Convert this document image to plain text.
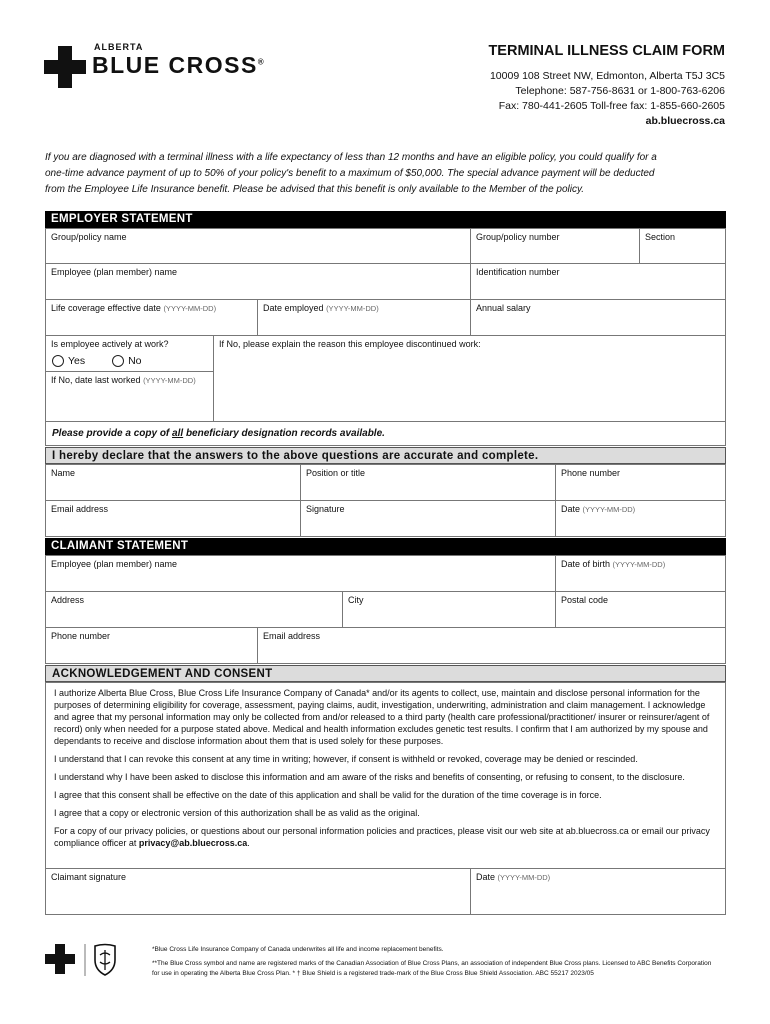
ALBERTA
BLUE CROSS®
TERMINAL ILLNESS CLAIM FORM
10009 108 Street NW, Edmonton, Alberta T5J 3C5
Telephone: 587-756-8631 or 1-800-763-6206
Fax: 780-441-2605 Toll-free fax: 1-855-660-2605
ab.bluecross.ca
If you are diagnosed with a terminal illness with a life expectancy of less than 12 months and have an eligible policy, you could qualify for a one-time advance payment of up to 50% of your policy's benefit to a maximum of $50,000. The special advance payment will be deducted from the Employee Life Insurance benefit. Please be advised that this benefit is only available to the Member of the policy.
EMPLOYER STATEMENT
Group/policy name	Group/policy number	Section
Employee (plan member) name	Identification number
Life coverage effective date (YYYY-MM-DD)	Date employed (YYYY-MM-DD)	Annual salary
Is employee actively at work?
Yes	No
If No, date last worked (YYYY-MM-DD)
If No, please explain the reason this employee discontinued work:
Please provide a copy of all beneficiary designation records available.
I hereby declare that the answers to the above questions are accurate and complete.
Name	Position or title	Phone number
Email address	Signature	Date (YYYY-MM-DD)
CLAIMANT STATEMENT
Employee (plan member) name	Date of birth (YYYY-MM-DD)
Address	City	Postal code
Phone number	Email address
ACKNOWLEDGEMENT AND CONSENT

I authorize Alberta Blue Cross, Blue Cross Life Insurance Company of Canada* and/or its agents to collect, use, maintain and disclose personal information for the purposes of determining eligibility for coverage, assessment, paying claims, audit, investigation, underwriting, administration and claim management. I acknowledge and agree that my personal information may only be collected from and/or released to a third party (health care professional/practitioner/ insurer or reinsurer/agent of record) only when needed for a purpose stated above. Medical and health information excludes genetic test results. I confirm that I am authorized by my spouse and dependants to receive and disclose information about them that is used solely for these purposes.

I understand that I can revoke this consent at any time in writing; however, if consent is withheld or revoked, coverage may be denied or rescinded.

I understand why I have been asked to disclose this information and am aware of the risks and benefits of consenting, or refusing to consent, to the disclosure.

I agree that this consent shall be effective on the date of this application and shall be valid for the duration of the time coverage is in force.

I agree that a copy or electronic version of this authorization shall be as valid as the original.

For a copy of our privacy policies, or questions about our personal information policies and practices, please visit our web site at ab.bluecross.ca or email our privacy compliance officer at privacy@ab.bluecross.ca.

Claimant signature	Date (YYYY-MM-DD)

*Blue Cross Life Insurance Company of Canada underwrites all life and income replacement benefits.

**The Blue Cross symbol and name are registered marks of the Canadian Association of Blue Cross Plans, an association of independent Blue Cross plans. Licensed to ABC Benefits Corporation for use in operating the Alberta Blue Cross Plan. * † Blue Shield is a registered trade-mark of the Blue Cross Blue Shield Association. ABC 55217 2023/05
